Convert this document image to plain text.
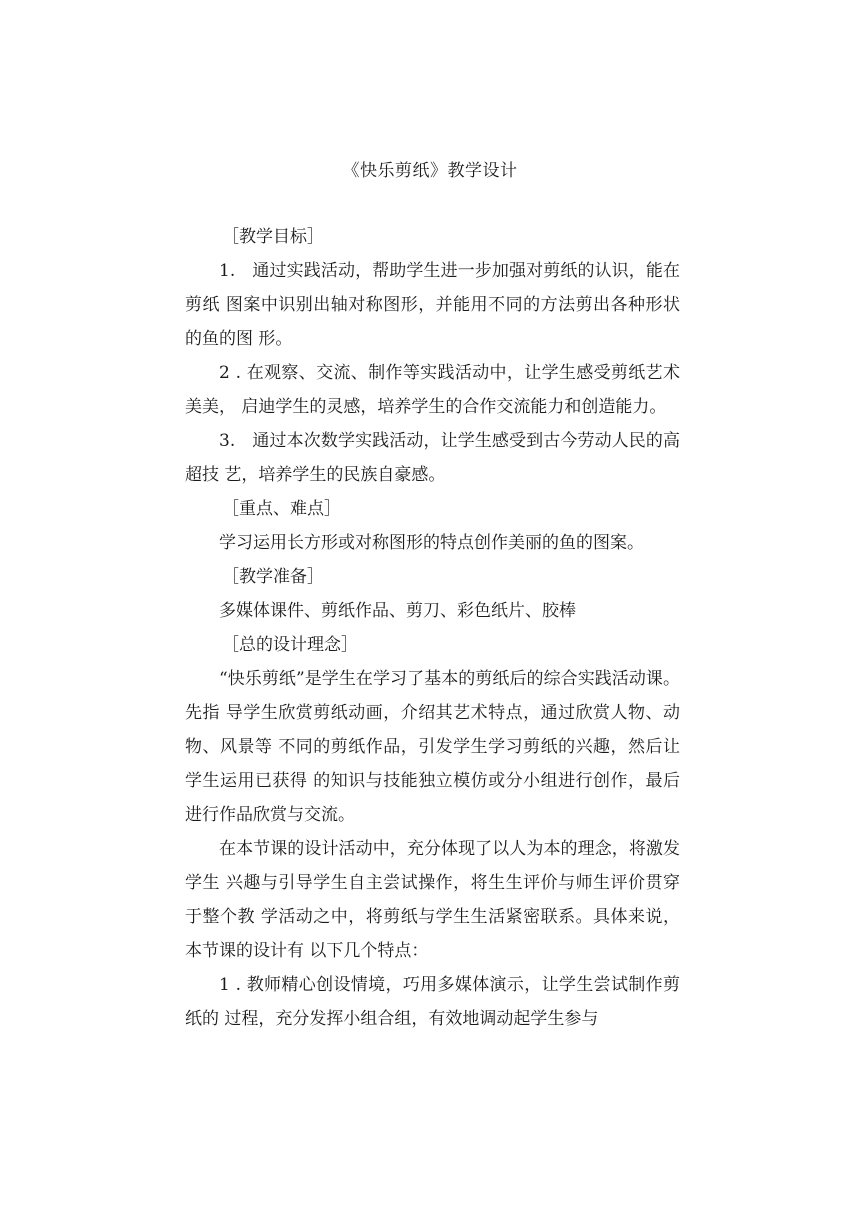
《快乐剪纸》教学设计

［教学目标］

1.　通过实践活动，帮助学生进一步加强对剪纸的认识，能在剪纸 图案中识别出轴对称图形，并能用不同的方法剪出各种形状的鱼的图 形。

2 . 在观察、交流、制作等实践活动中，让学生感受剪纸艺术美美， 启迪学生的灵感，培养学生的合作交流能力和创造能力。

3.　通过本次数学实践活动，让学生感受到古今劳动人民的高超技 艺，培养学生的民族自豪感。

［重点、难点］

学习运用长方形或对称图形的特点创作美丽的鱼的图案。

［教学准备］

多媒体课件、剪纸作品、剪刀、彩色纸片、胶棒

［总的设计理念］

“快乐剪纸”是学生在学习了基本的剪纸后的综合实践活动课。先指 导学生欣赏剪纸动画，介绍其艺术特点，通过欣赏人物、动物、风景等 不同的剪纸作品，引发学生学习剪纸的兴趣，然后让学生运用已获得 的知识与技能独立模仿或分小组进行创作，最后进行作品欣赏与交流。

在本节课的设计活动中，充分体现了以人为本的理念，将激发学生 兴趣与引导学生自主尝试操作，将生生评价与师生评价贯穿于整个教 学活动之中，将剪纸与学生生活紧密联系。具体来说，本节课的设计有 以下几个特点：

1 . 教师精心创设情境，巧用多媒体演示，让学生尝试制作剪纸的 过程，充分发挥小组合组，有效地调动起学生参与
